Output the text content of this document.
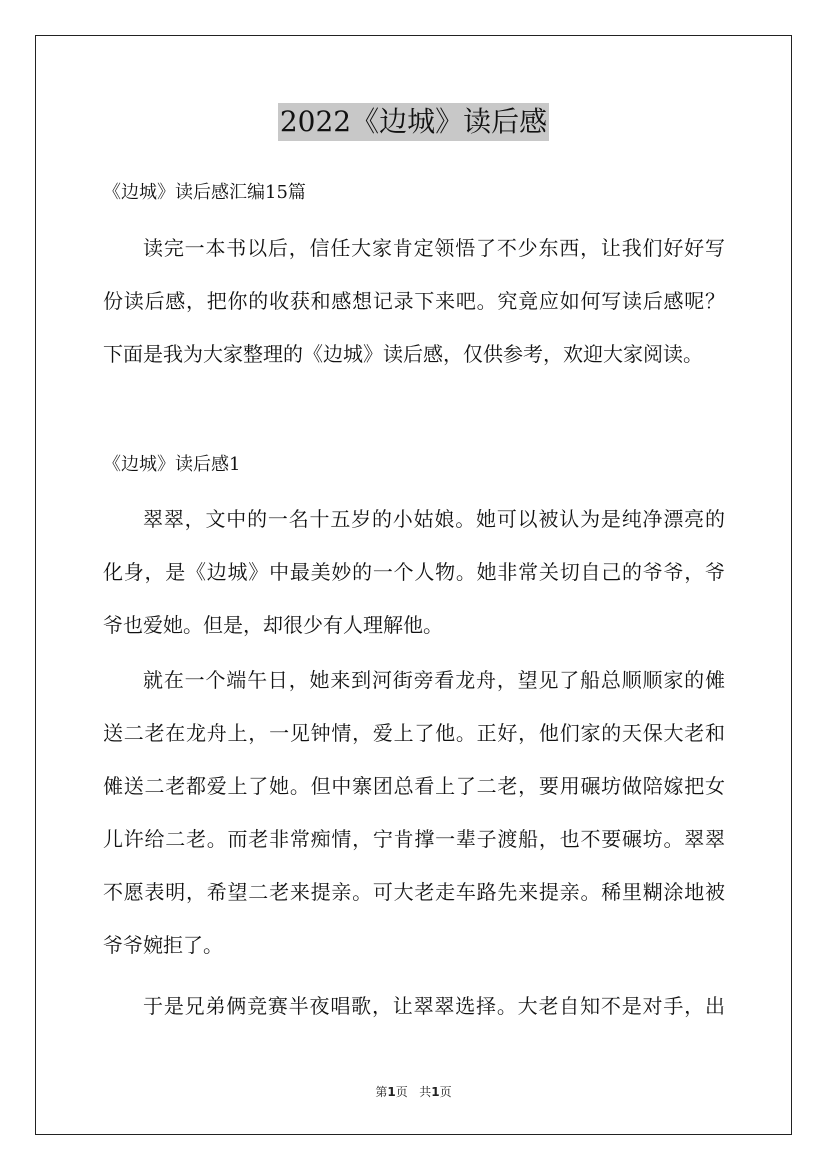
2022《边城》读后感
《边城》读后感汇编15篇
读完一本书以后，信任大家肯定领悟了不少东西，让我们好好写
份读后感，把你的收获和感想记录下来吧。究竟应如何写读后感呢？
下面是我为大家整理的《边城》读后感，仅供参考，欢迎大家阅读。
《边城》读后感1
翠翠，文中的一名十五岁的小姑娘。她可以被认为是纯净漂亮的
化身，是《边城》中最美妙的一个人物。她非常关切自己的爷爷，爷
爷也爱她。但是，却很少有人理解他。
就在一个端午日，她来到河街旁看龙舟，望见了船总顺顺家的傩
送二老在龙舟上，一见钟情，爱上了他。正好，他们家的天保大老和
傩送二老都爱上了她。但中寨团总看上了二老，要用碾坊做陪嫁把女
儿许给二老。而老非常痴情，宁肯撑一辈子渡船，也不要碾坊。翠翠
不愿表明，希望二老来提亲。可大老走车路先来提亲。稀里糊涂地被
爷爷婉拒了。
于是兄弟俩竞赛半夜唱歌，让翠翠选择。大老自知不是对手，出
第1页 共1页
